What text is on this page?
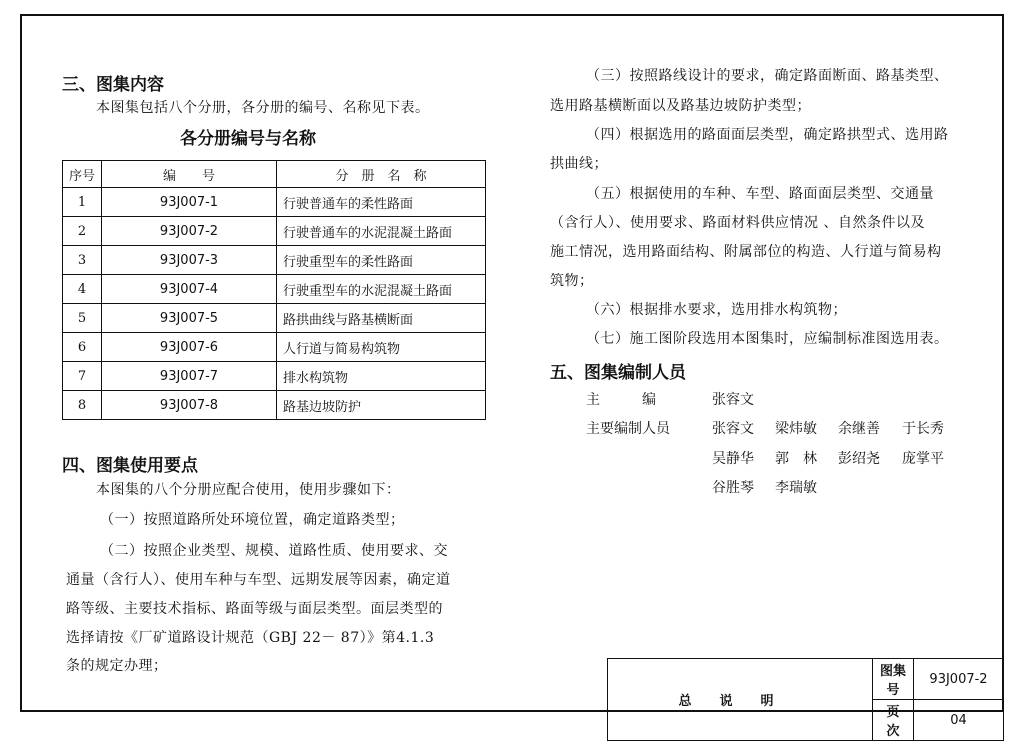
三、图集内容

本图集包括八个分册，各分册的编号、名称见下表。

各分册编号与名称
序号	编　　号	分　册　名　称
1	93J007-1	行驶普通车的柔性路面
2	93J007-2	行驶普通车的水泥混凝土路面
3	93J007-3	行驶重型车的柔性路面
4	93J007-4	行驶重型车的水泥混凝土路面
5	93J007-5	路拱曲线与路基横断面
6	93J007-6	人行道与简易构筑物
7	93J007-7	排水构筑物
8	93J007-8	路基边坡防护
四、图集使用要点

本图集的八个分册应配合使用，使用步骤如下：

（一）按照道路所处环境位置，确定道路类型；

（二）按照企业类型、规模、道路性质、使用要求、交

通量（含行人）、使用车种与车型、远期发展等因素，确定道

路等级、主要技术指标、路面等级与面层类型。面层类型的

选择请按《厂矿道路设计规范（GBJ 22－ 87）》第4.1.3

条的规定办理；

（三）按照路线设计的要求，确定路面断面、路基类型、

选用路基横断面以及路基边坡防护类型；

（四）根据选用的路面面层类型，确定路拱型式、选用路

拱曲线；

（五）根据使用的车种、车型、路面面层类型、交通量

（含行人）、使用要求、路面材料供应情况 、自然条件以及

施工情况，选用路面结构、附属部位的构造、人行道与简易构

筑物；

（六）根据排水要求，选用排水构筑物；

（七）施工图阶段选用本图集时，应编制标准图选用表。

五、图集编制人员
主　　　编	张容文
主要编制人员	张容文 梁炜敏 余继善 于长秀
吴静华 郭　林 彭绍尧 庞掌平
谷胜琴 李瑞敏
总说明	图集号	93J007-2
	页　次	04
